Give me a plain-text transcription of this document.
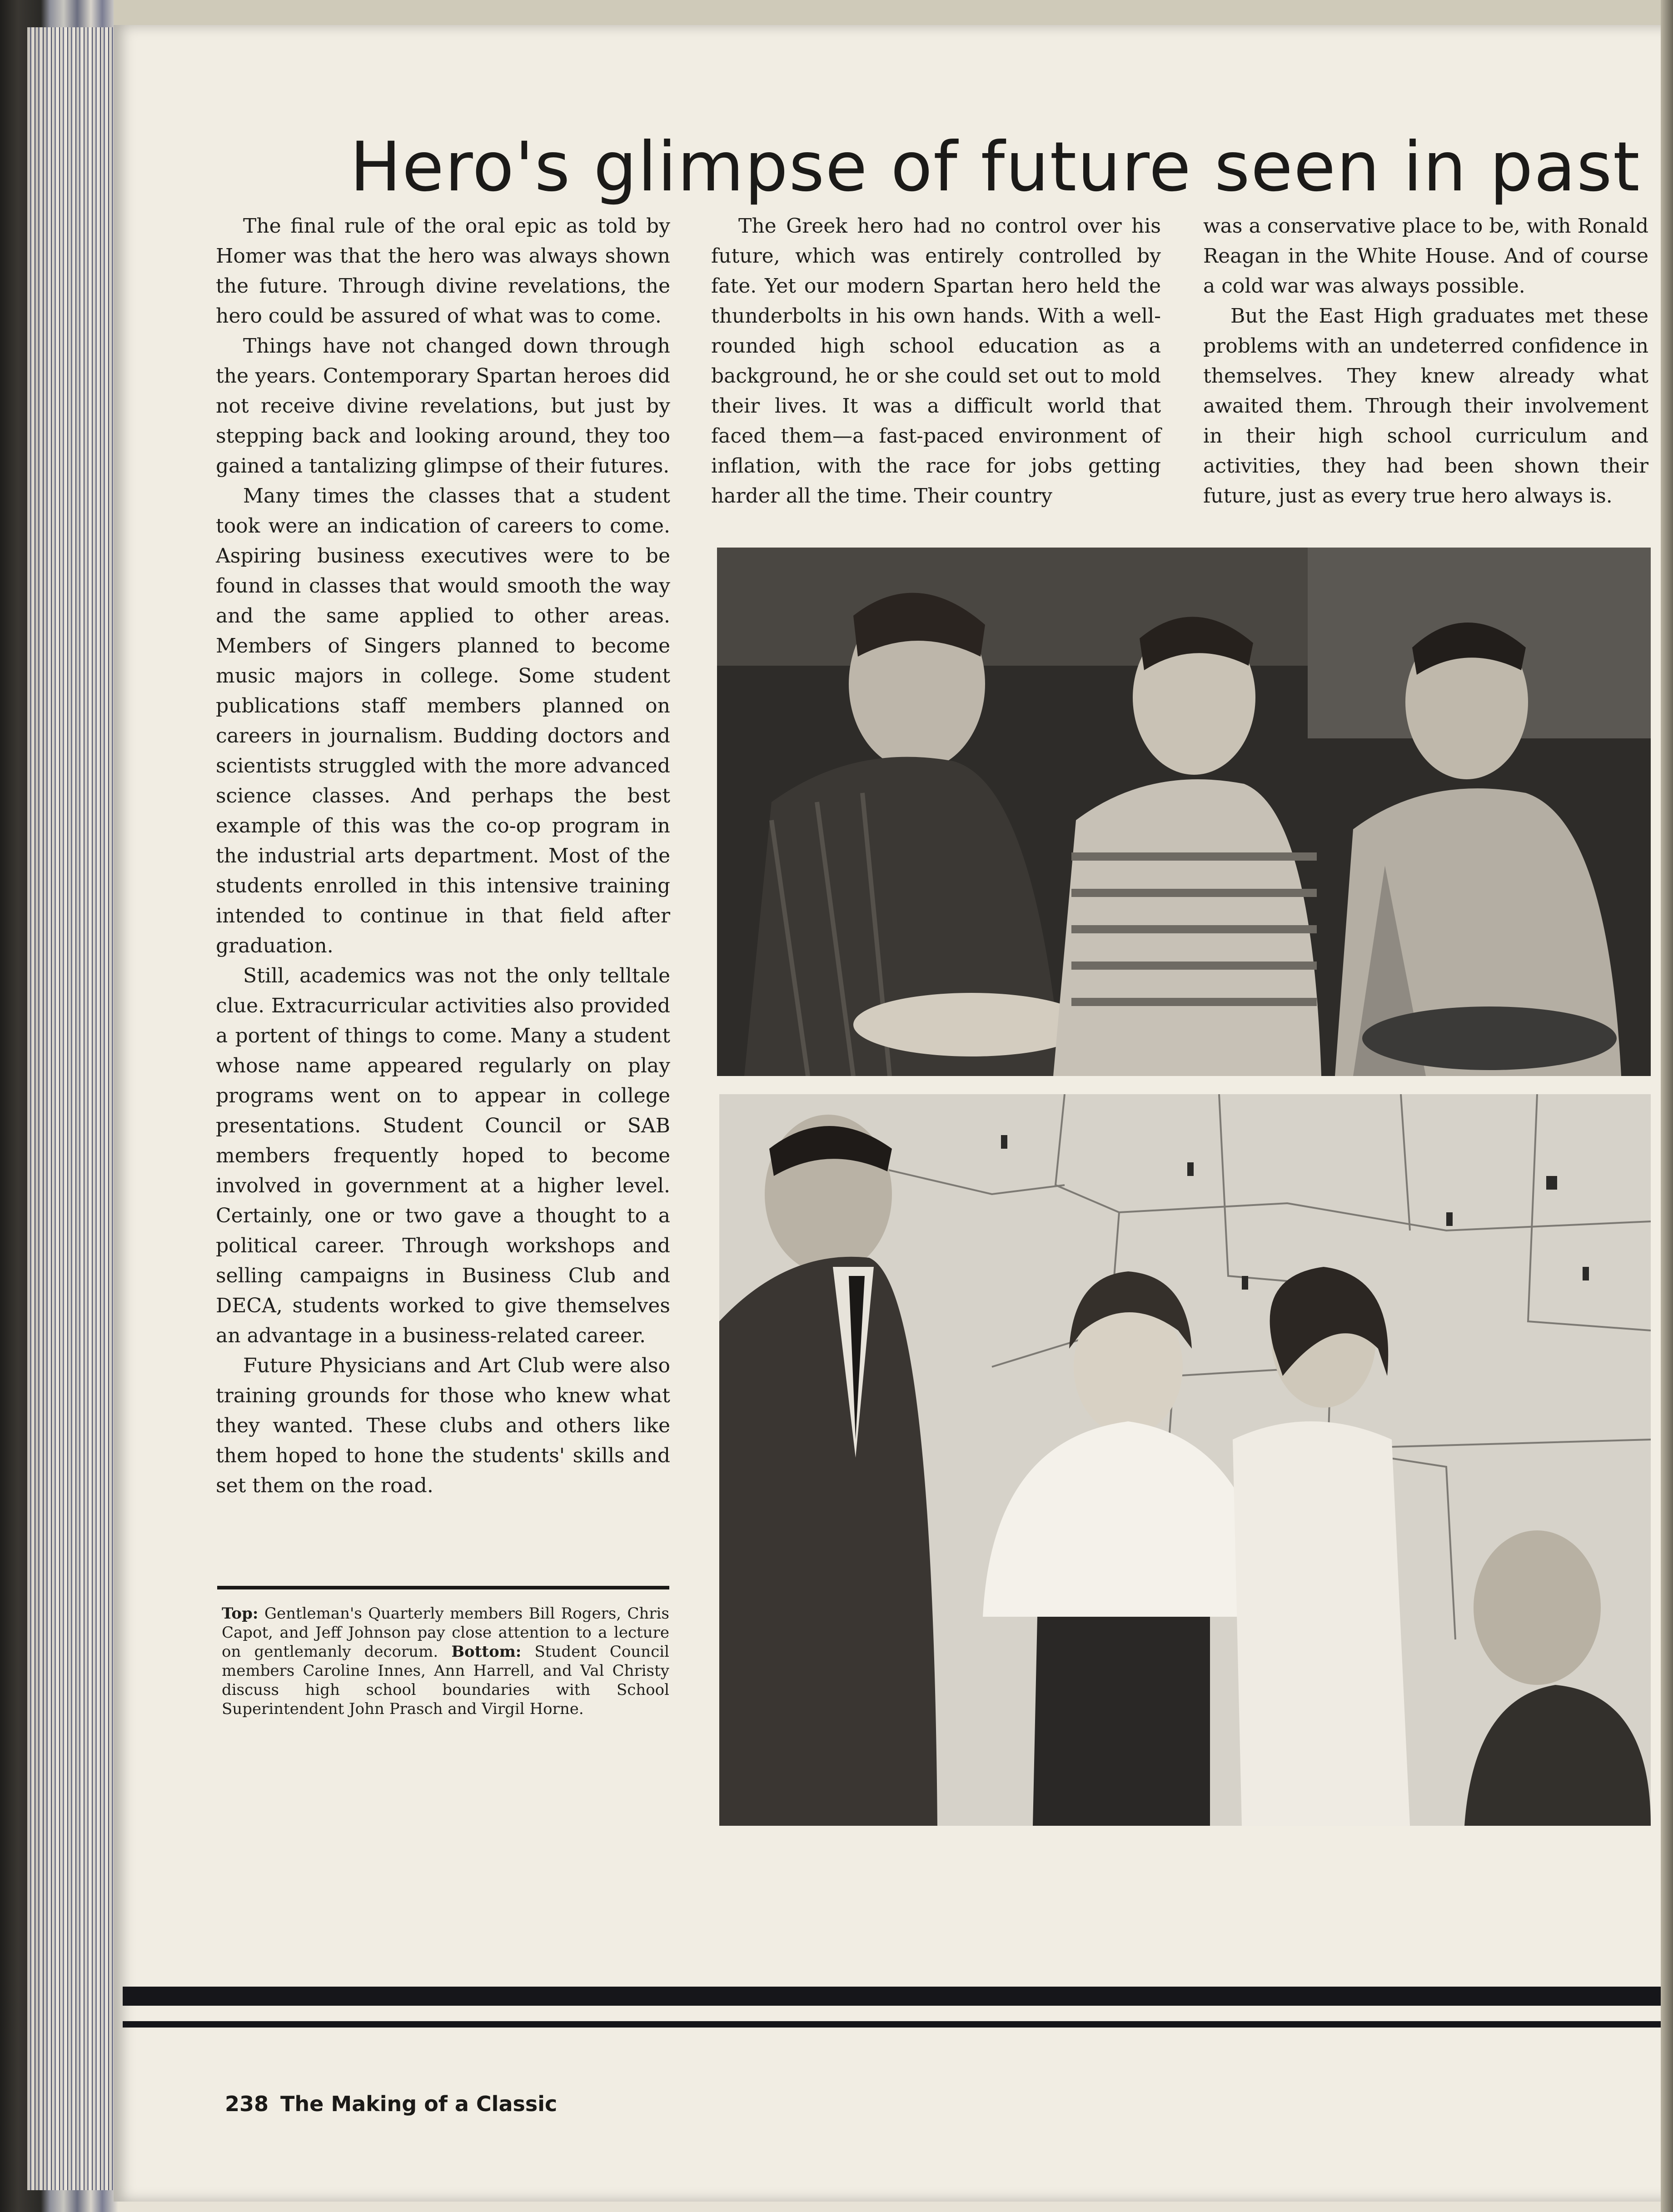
Hero's glimpse of future seen in past

The final rule of the oral epic as told by Homer was that the hero was always shown the future. Through divine revelations, the hero could be assured of what was to come.

Things have not changed down through the years. Contemporary Spartan heroes did not receive divine revelations, but just by stepping back and looking around, they too gained a tantalizing glimpse of their futures.

Many times the classes that a student took were an indication of careers to come. Aspiring business executives were to be found in classes that would smooth the way and the same applied to other areas. Members of Singers planned to become music majors in college. Some student publications staff members planned on careers in journalism. Budding doctors and scientists struggled with the more advanced science classes. And perhaps the best example of this was the co-op program in the industrial arts department. Most of the students enrolled in this intensive training intended to continue in that field after graduation.

Still, academics was not the only telltale clue. Extracurricular activities also provided a portent of things to come. Many a student whose name appeared regularly on play programs went on to appear in college presentations. Student Council or SAB members frequently hoped to become involved in government at a higher level. Certainly, one or two gave a thought to a political career. Through workshops and selling campaigns in Business Club and DECA, students worked to give themselves an advantage in a business-related career.

Future Physicians and Art Club were also training grounds for those who knew what they wanted. These clubs and others like them hoped to hone the students' skills and set them on the road.

The Greek hero had no control over his future, which was entirely controlled by fate. Yet our modern Spartan hero held the thunderbolts in his own hands. With a well-rounded high school education as a background, he or she could set out to mold their lives. It was a difficult world that faced them—a fast-paced environment of inflation, with the race for jobs getting harder all the time. Their country

was a conservative place to be, with Ronald Reagan in the White House. And of course a cold war was always possible.

But the East High graduates met these problems with an undeterred confidence in themselves. They knew already what awaited them. Through their involvement in their high school curriculum and activities, they had been shown their future, just as every true hero always is.

Top: Gentleman's Quarterly members Bill Rogers, Chris Capot, and Jeff Johnson pay close attention to a lecture on gentlemanly decorum. Bottom: Student Council members Caroline Innes, Ann Harrell, and Val Christy discuss high school boundaries with School Superintendent John Prasch and Virgil Horne.
238 The Making of a Classic
